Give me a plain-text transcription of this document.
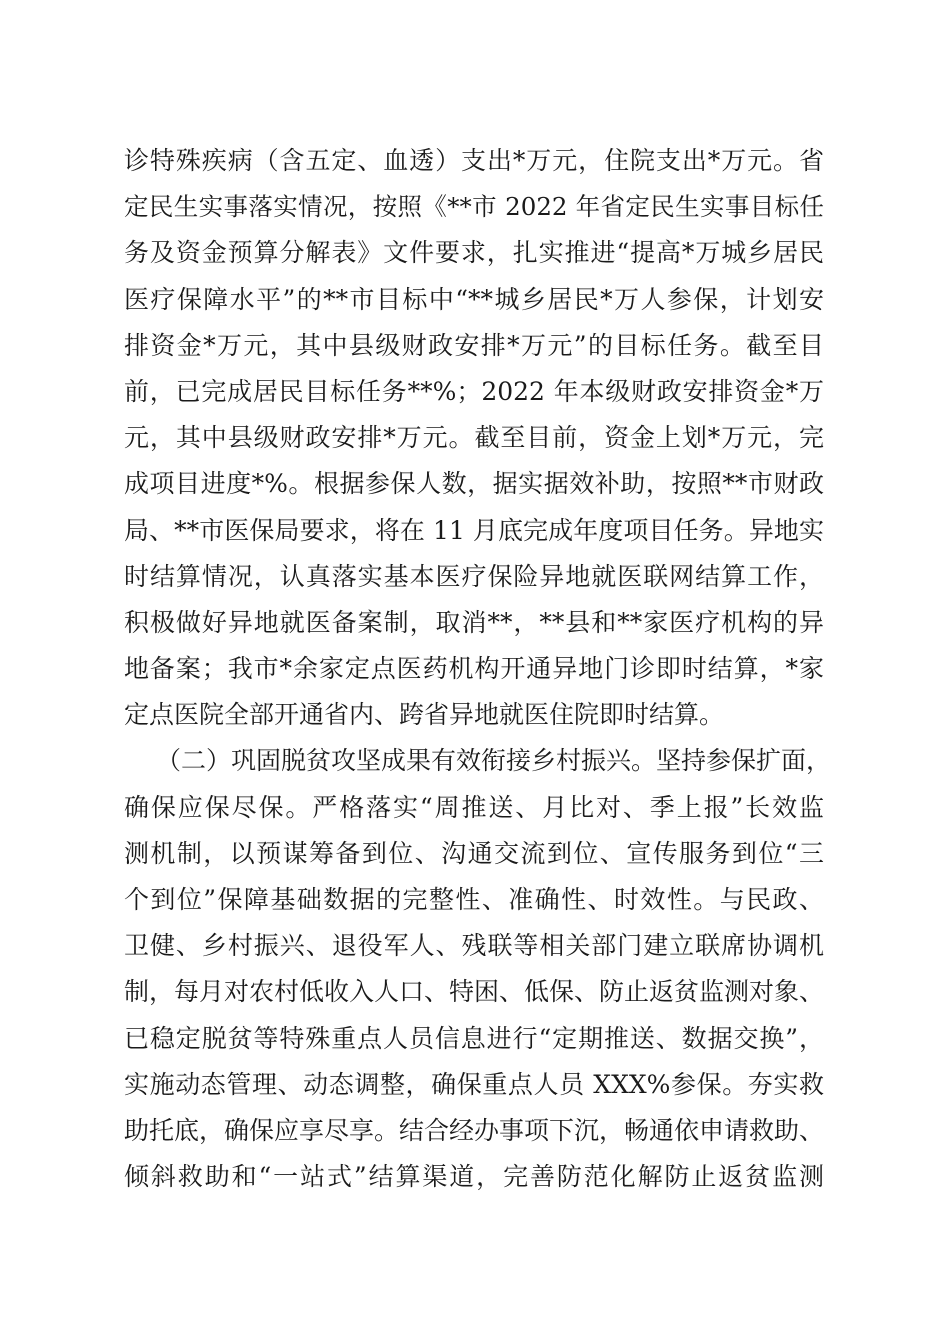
诊特殊疾病（含五定、血透）支出*万元，住院支出*万元。省
定民生实事落实情况，按照《**市 2022 年省定民生实事目标任
务及资金预算分解表》文件要求，扎实推进“提高*万城乡居民
医疗保障水平”的**市目标中“**城乡居民*万人参保，计划安
排资金*万元，其中县级财政安排*万元”的目标任务。截至目
前，已完成居民目标任务**%；2022 年本级财政安排资金*万
元，其中县级财政安排*万元。截至目前，资金上划*万元，完
成项目进度*%。根据参保人数，据实据效补助，按照**市财政
局、**市医保局要求，将在 11 月底完成年度项目任务。异地实
时结算情况，认真落实基本医疗保险异地就医联网结算工作，
积极做好异地就医备案制，取消**，**县和**家医疗机构的异
地备案；我市*余家定点医药机构开通异地门诊即时结算，*家
定点医院全部开通省内、跨省异地就医住院即时结算。
（二）巩固脱贫攻坚成果有效衔接乡村振兴。坚持参保扩面，
确保应保尽保。严格落实“周推送、月比对、季上报”长效监
测机制，以预谋筹备到位、沟通交流到位、宣传服务到位“三
个到位”保障基础数据的完整性、准确性、时效性。与民政、
卫健、乡村振兴、退役军人、残联等相关部门建立联席协调机
制，每月对农村低收入人口、特困、低保、防止返贫监测对象、
已稳定脱贫等特殊重点人员信息进行“定期推送、数据交换”，
实施动态管理、动态调整，确保重点人员 XXX%参保。夯实救
助托底，确保应享尽享。结合经办事项下沉，畅通依申请救助、
倾斜救助和“一站式”结算渠道，完善防范化解防止返贫监测
